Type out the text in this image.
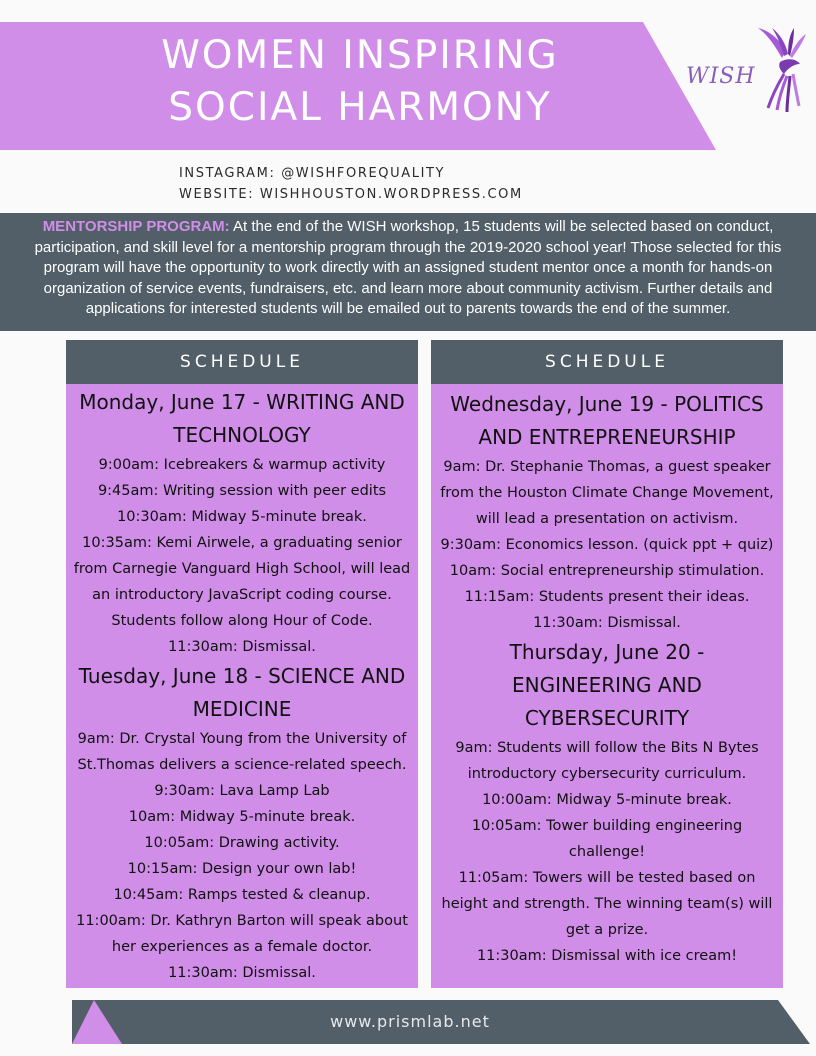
WOMEN INSPIRING
SOCIAL HARMONY
WISH
INSTAGRAM: @WISHFOREQUALITY
WEBSITE: WISHHOUSTON.WORDPRESS.COM
MENTORSHIP PROGRAM: At the end of the WISH workshop, 15 students will be selected based on conduct, participation, and skill level for a mentorship program through the 2019-2020 school year! Those selected for this program will have the opportunity to work directly with an assigned student mentor once a month for hands-on organization of service events, fundraisers, etc. and learn more about community activism. Further details and applications for interested students will be emailed out to parents towards the end of the summer.
SCHEDULE
Monday, June 17 - WRITING AND TECHNOLOGY
9:00am: Icebreakers & warmup activity
9:45am: Writing session with peer edits
10:30am: Midway 5-minute break.
10:35am: Kemi Airwele, a graduating senior from Carnegie Vanguard High School, will lead an introductory JavaScript coding course. Students follow along Hour of Code.
11:30am: Dismissal.
Tuesday, June 18 - SCIENCE AND MEDICINE
9am: Dr. Crystal Young from the University of St.Thomas delivers a science-related speech.
9:30am: Lava Lamp Lab
10am: Midway 5-minute break.
10:05am: Drawing activity.
10:15am: Design your own lab!
10:45am: Ramps tested & cleanup.
11:00am: Dr. Kathryn Barton will speak about her experiences as a female doctor.
11:30am: Dismissal.
SCHEDULE
Wednesday, June 19 - POLITICS AND ENTREPRENEURSHIP
9am: Dr. Stephanie Thomas, a guest speaker from the Houston Climate Change Movement, will lead a presentation on activism.
9:30am: Economics lesson. (quick ppt + quiz)
10am: Social entrepreneurship stimulation.
11:15am: Students present their ideas.
11:30am: Dismissal.
Thursday, June 20 - ENGINEERING AND CYBERSECURITY
9am: Students will follow the Bits N Bytes introductory cybersecurity curriculum.
10:00am: Midway 5-minute break.
10:05am: Tower building engineering challenge!
11:05am: Towers will be tested based on height and strength. The winning team(s) will get a prize.
11:30am: Dismissal with ice cream!
www.prismlab.net
